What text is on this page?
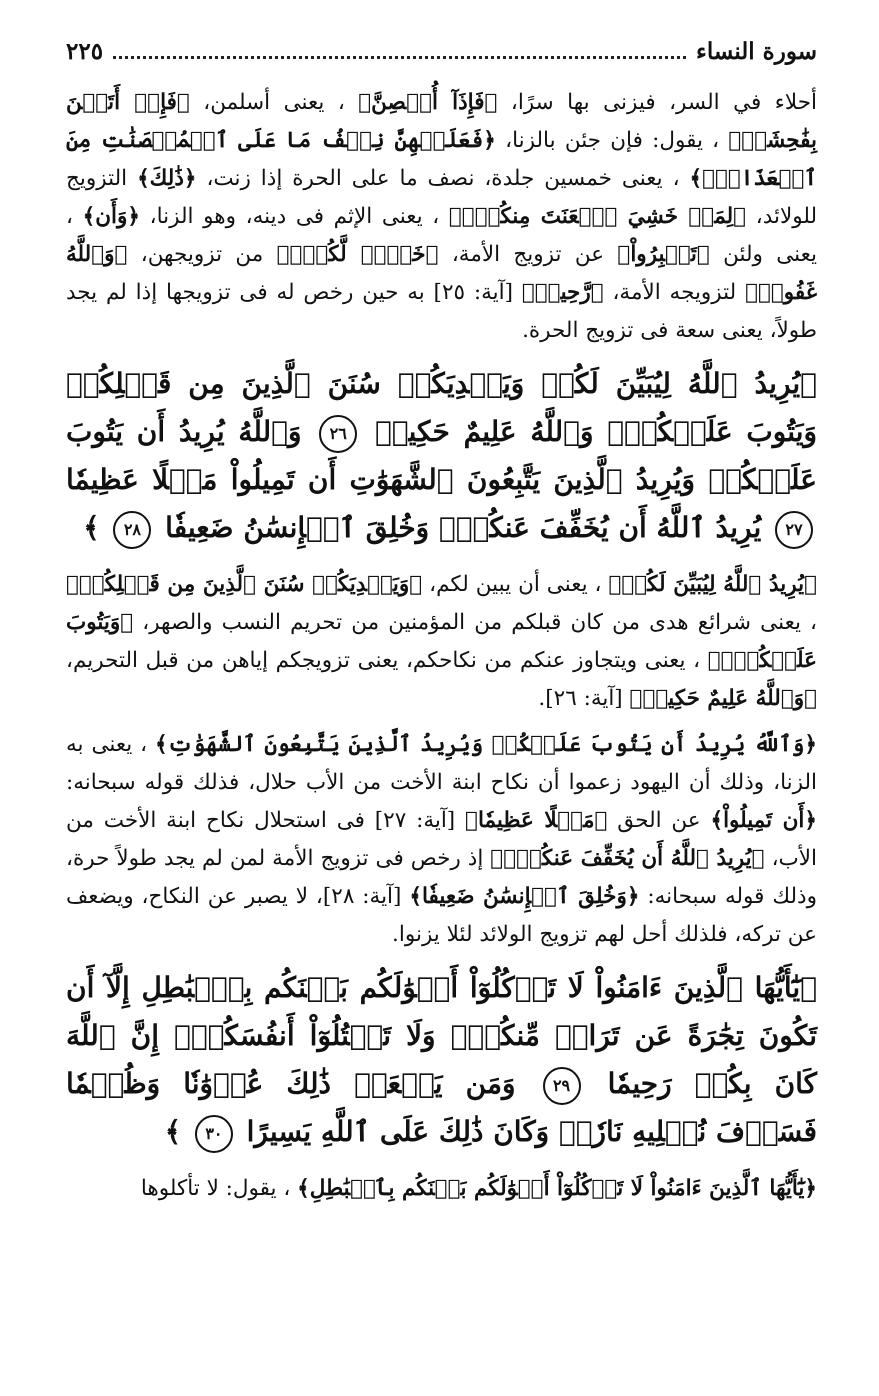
سورة النساء
٢٢٥

أحلاء في السر، فيزنى بها سرًا، ﴿فَإِذَآ أُحۡصِنَّ﴾ ، يعنى أسلمن، ﴿فَإِنۡ أَتَيۡنَ بِفَٰحِشَةٖ﴾ ، يقول: فإن جئن بالزنا، ﴿فَعَلَيۡهِنَّ نِصۡفُ مَا عَلَى ٱلۡمُحۡصَنَٰتِ مِنَ ٱلۡعَذَابِۚ﴾ ، يعنى خمسين جلدة، نصف ما على الحرة إذا زنت، ﴿ذَٰلِكَ﴾ التزويج للولائد، ﴿لِمَنۡ خَشِيَ ٱلۡعَنَتَ مِنكُمۡۚ﴾ ، يعنى الإثم فى دينه، وهو الزنا، ﴿وَأَن﴾ ، يعنى ولئن ﴿تَصۡبِرُواْ﴾ عن تزويج الأمة، ﴿خَيۡرٞ لَّكُمۡۗ﴾ من تزويجهن، ﴿وَٱللَّهُ غَفُورٞ﴾ لتزويجه الأمة، ﴿رَّحِيمٞ﴾ [آية: ٢٥] به حين رخص له فى تزويجها إذا لم يجد طولاً، يعنى سعة فى تزويج الحرة.

﴿يُرِيدُ ٱللَّهُ لِيُبَيِّنَ لَكُمۡ وَيَهۡدِيَكُمۡ سُنَنَ ٱلَّذِينَ مِن قَبۡلِكُمۡ وَيَتُوبَ عَلَيۡكُمۡۗ وَٱللَّهُ عَلِيمٌ حَكِيمٞ ٢٦ وَٱللَّهُ يُرِيدُ أَن يَتُوبَ عَلَيۡكُمۡ وَيُرِيدُ ٱلَّذِينَ يَتَّبِعُونَ ٱلشَّهَوَٰتِ أَن تَمِيلُواْ مَيۡلًا عَظِيمٗا ٢٧ يُرِيدُ ٱللَّهُ أَن يُخَفِّفَ عَنكُمۡۚ وَخُلِقَ ٱلۡإِنسَٰنُ ضَعِيفٗا ٢٨ ﴾

﴿يُرِيدُ ٱللَّهُ لِيُبَيِّنَ لَكُمۡ﴾ ، يعنى أن يبين لكم، ﴿وَيَهۡدِيَكُمۡ سُنَنَ ٱلَّذِينَ مِن قَبۡلِكُمۡ﴾ ، يعنى شرائع هدى من كان قبلكم من المؤمنين من تحريم النسب والصهر، ﴿وَيَتُوبَ عَلَيۡكُمۡۗ﴾ ، يعنى ويتجاوز عنكم من نكاحكم، يعنى تزويجكم إياهن من قبل التحريم، ﴿وَٱللَّهُ عَلِيمٌ حَكِيمٞ﴾ [آية: ٢٦].

﴿وَٱللَّهُ يُرِيدُ أَن يَتُوبَ عَلَيۡكُمۡ وَيُرِيدُ ٱلَّذِينَ يَتَّبِعُونَ ٱلشَّهَوَٰتِ﴾ ، يعنى به الزنا، وذلك أن اليهود زعموا أن نكاح ابنة الأخت من الأب حلال، فذلك قوله سبحانه: ﴿أَن تَمِيلُواْ﴾ عن الحق ﴿مَيۡلًا عَظِيمٗا﴾ [آية: ٢٧] فى استحلال نكاح ابنة الأخت من الأب، ﴿يُرِيدُ ٱللَّهُ أَن يُخَفِّفَ عَنكُمۡۚ﴾ إذ رخص فى تزويج الأمة لمن لم يجد طولاً حرة، وذلك قوله سبحانه: ﴿وَخُلِقَ ٱلۡإِنسَٰنُ ضَعِيفٗا﴾ [آية: ٢٨]، لا يصبر عن النكاح، ويضعف عن تركه، فلذلك أحل لهم تزويج الولائد لئلا يزنوا.

﴿يَٰٓأَيُّهَا ٱلَّذِينَ ءَامَنُواْ لَا تَأۡكُلُوٓاْ أَمۡوَٰلَكُم بَيۡنَكُم بِٱلۡبَٰطِلِ إِلَّآ أَن تَكُونَ تِجَٰرَةً عَن تَرَاضٖ مِّنكُمۡۚ وَلَا تَقۡتُلُوٓاْ أَنفُسَكُمۡۚ إِنَّ ٱللَّهَ كَانَ بِكُمۡ رَحِيمٗا ٢٩ وَمَن يَفۡعَلۡ ذَٰلِكَ عُدۡوَٰنٗا وَظُلۡمٗا فَسَوۡفَ نُصۡلِيهِ نَارٗاۚ وَكَانَ ذَٰلِكَ عَلَى ٱللَّهِ يَسِيرًا ٣٠ ﴾

﴿يَٰٓأَيُّهَا ٱلَّذِينَ ءَامَنُواْ لَا تَأۡكُلُوٓاْ أَمۡوَٰلَكُم بَيۡنَكُم بِٱلۡبَٰطِلِ﴾ ، يقول: لا تأكلوها
